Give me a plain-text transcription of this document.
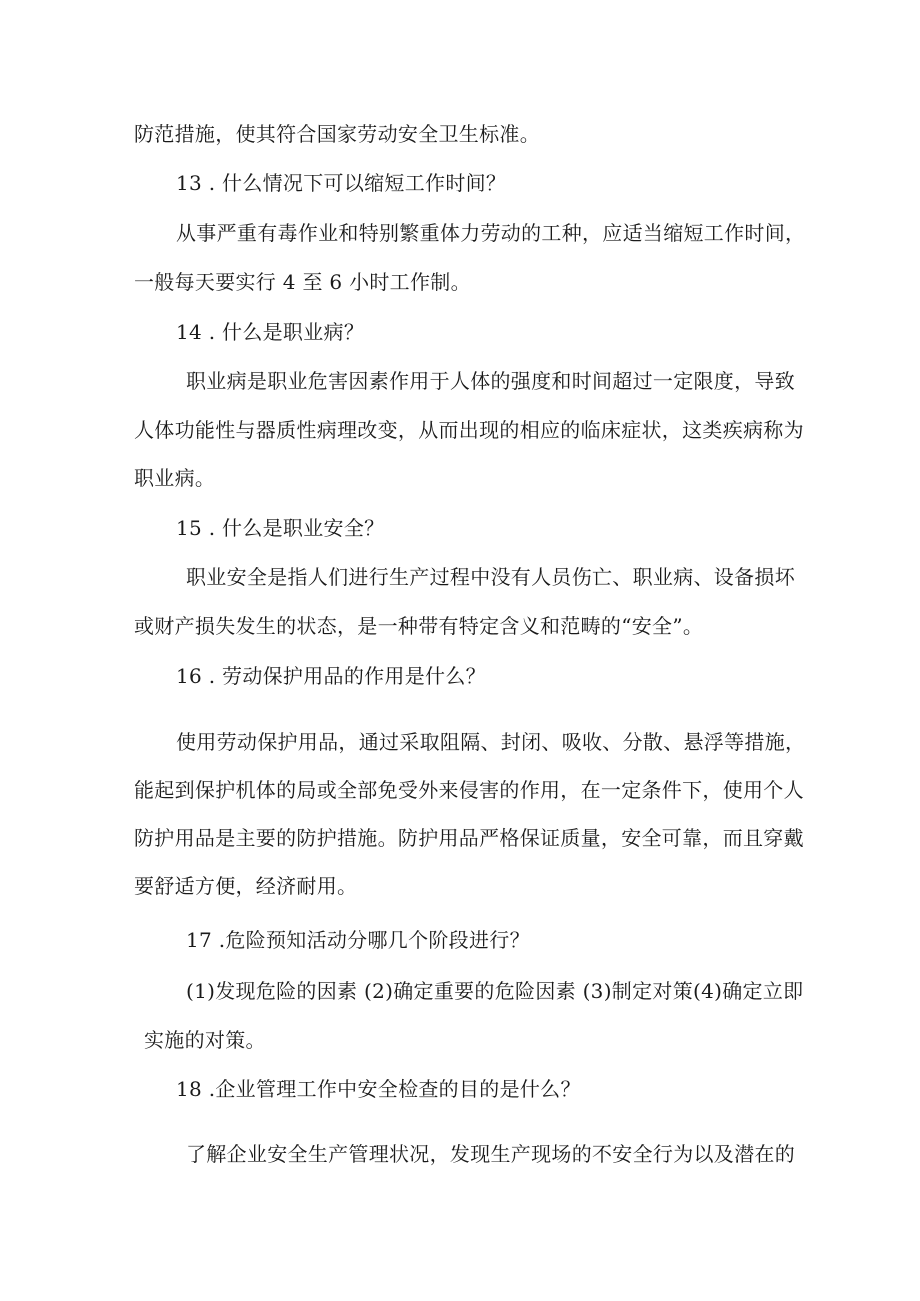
防范措施，使其符合国家劳动安全卫生标准。
13 . 什么情况下可以缩短工作时间？
从事严重有毒作业和特别繁重体力劳动的工种，应适当缩短工作时间，
一般每天要实行 4 至 6 小时工作制。
14 . 什么是职业病？
职业病是职业危害因素作用于人体的强度和时间超过一定限度，导致
人体功能性与器质性病理改变，从而出现的相应的临床症状，这类疾病称为
职业病。
15 . 什么是职业安全？
职业安全是指人们进行生产过程中没有人员伤亡、职业病、设备损坏
或财产损失发生的状态，是一种带有特定含义和范畴的“安全”。
16 . 劳动保护用品的作用是什么？
使用劳动保护用品，通过采取阻隔、封闭、吸收、分散、悬浮等措施，
能起到保护机体的局或全部免受外来侵害的作用，在一定条件下，使用个人
防护用品是主要的防护措施。防护用品严格保证质量，安全可靠，而且穿戴
要舒适方便，经济耐用。
17 .危险预知活动分哪几个阶段进行？
(1)发现危险的因素 (2)确定重要的危险因素 (3)制定对策(4)确定立即
实施的对策。
18 .企业管理工作中安全检查的目的是什么？
了解企业安全生产管理状况，发现生产现场的不安全行为以及潜在的
